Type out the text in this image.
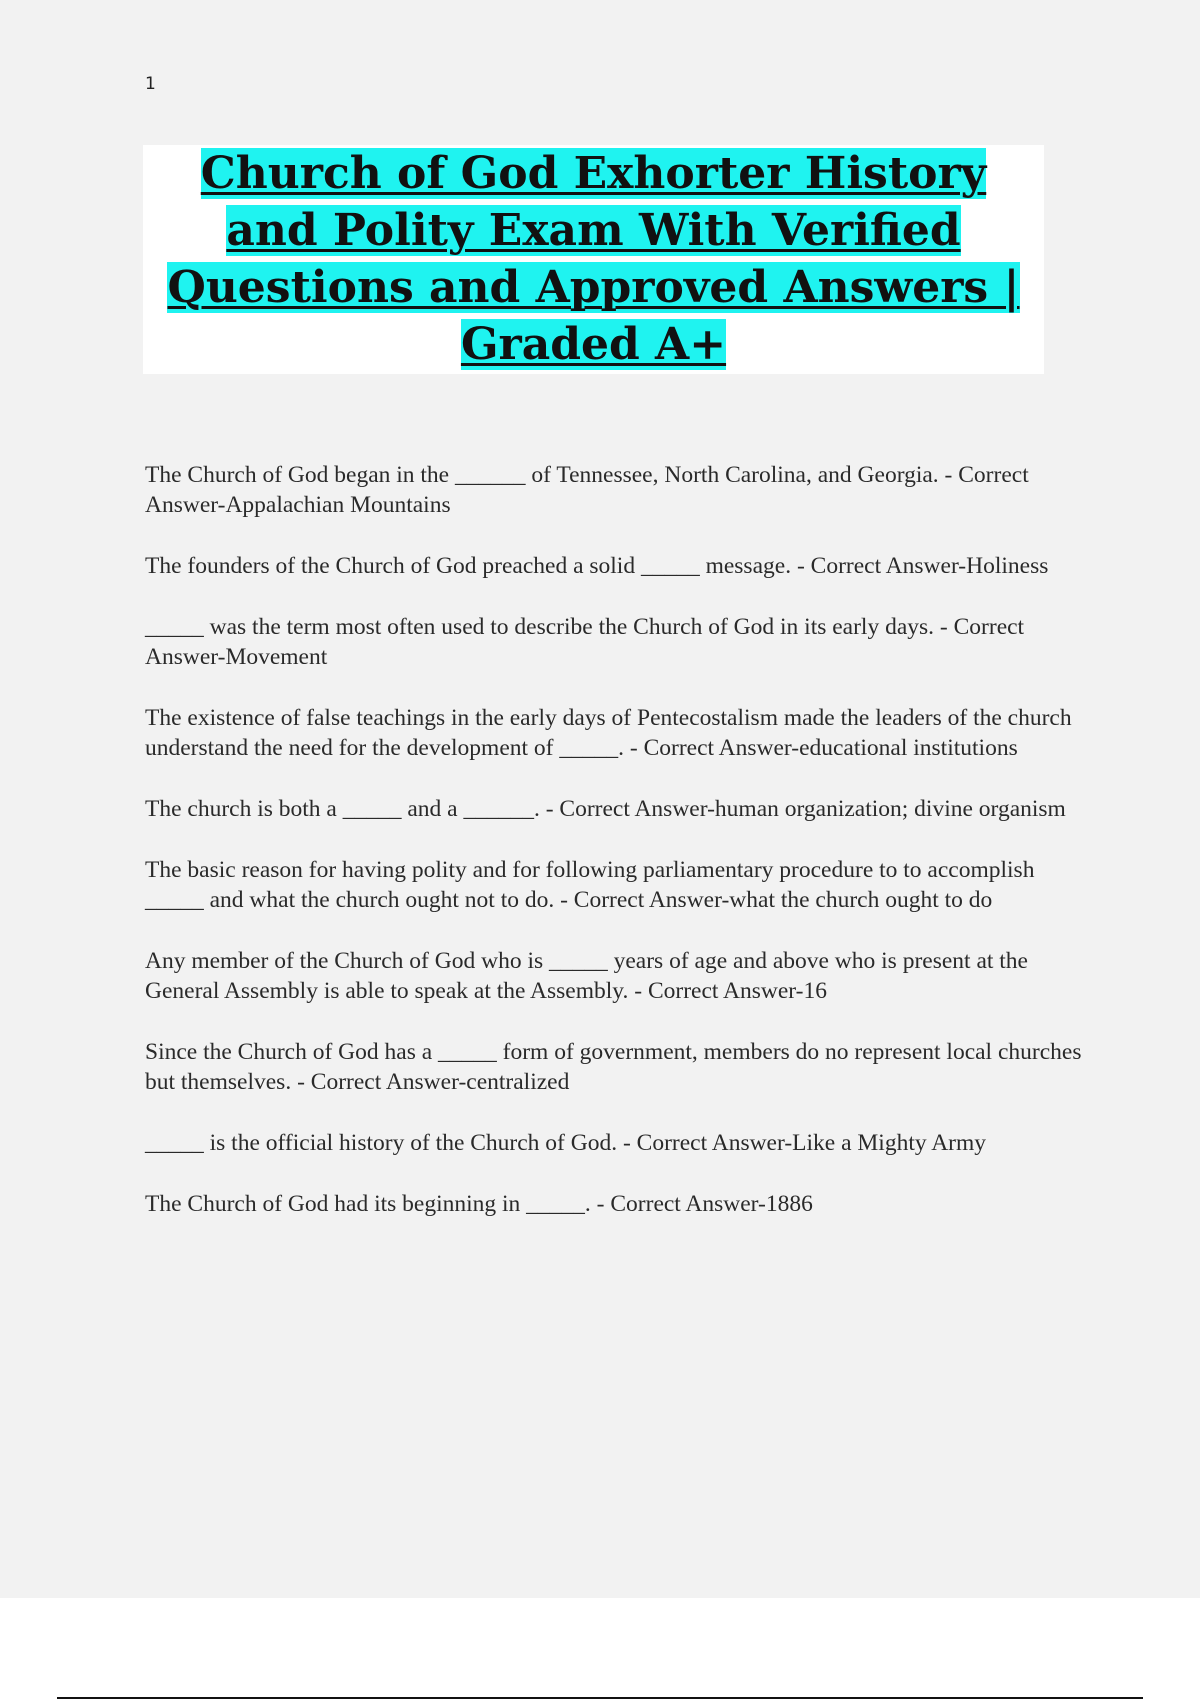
1
Church of God Exhorter History
and Polity Exam With Verified
Questions and Approved Answers |
Graded A+

The Church of God began in the ______ of Tennessee, North Carolina, and Georgia. - Correct Answer-Appalachian Mountains

The founders of the Church of God preached a solid _____ message. - Correct Answer-Holiness

_____ was the term most often used to describe the Church of God in its early days. - Correct Answer-Movement

The existence of false teachings in the early days of Pentecostalism made the leaders of the church understand the need for the development of _____. - Correct Answer-educational institutions

The church is both a _____ and a ______. - Correct Answer-human organization; divine organism

The basic reason for having polity and for following parliamentary procedure to to accomplish _____ and what the church ought not to do. - Correct Answer-what the church ought to do

Any member of the Church of God who is _____ years of age and above who is present at the General Assembly is able to speak at the Assembly. - Correct Answer-16

Since the Church of God has a _____ form of government, members do no represent local churches but themselves. - Correct Answer-centralized

_____ is the official history of the Church of God. - Correct Answer-Like a Mighty Army

The Church of God had its beginning in _____. - Correct Answer-1886
